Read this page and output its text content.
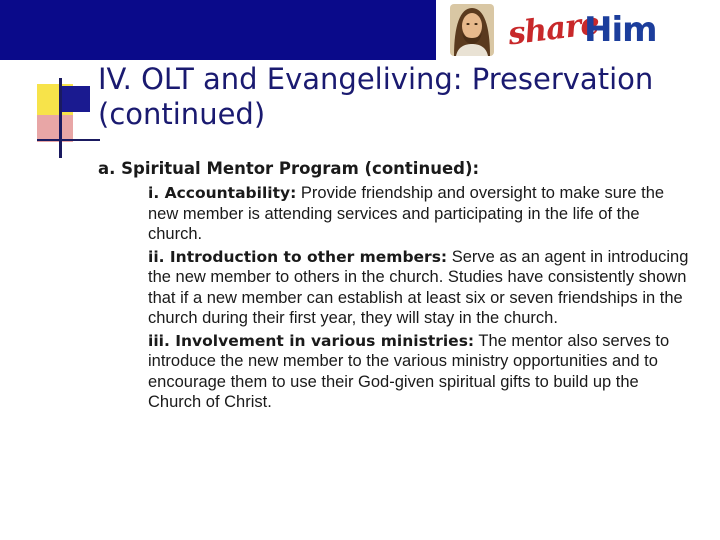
share
Him
IV. OLT and Evangeliving: Preservation (continued)

a. Spiritual Mentor Program (continued):

i. Accountability: Provide friendship and oversight to make sure the new member is attending services and participating in the life of the church.

ii. Introduction to other members: Serve as an agent in introducing the new member to others in the church. Studies have consistently shown that if a new member can establish at least six or seven friendships in the church during their first year, they will stay in the church.

iii. Involvement in various ministries: The mentor also serves to introduce the new member to the various ministry opportunities and to encourage them to use their God-given spiritual gifts to build up the Church of Christ.
